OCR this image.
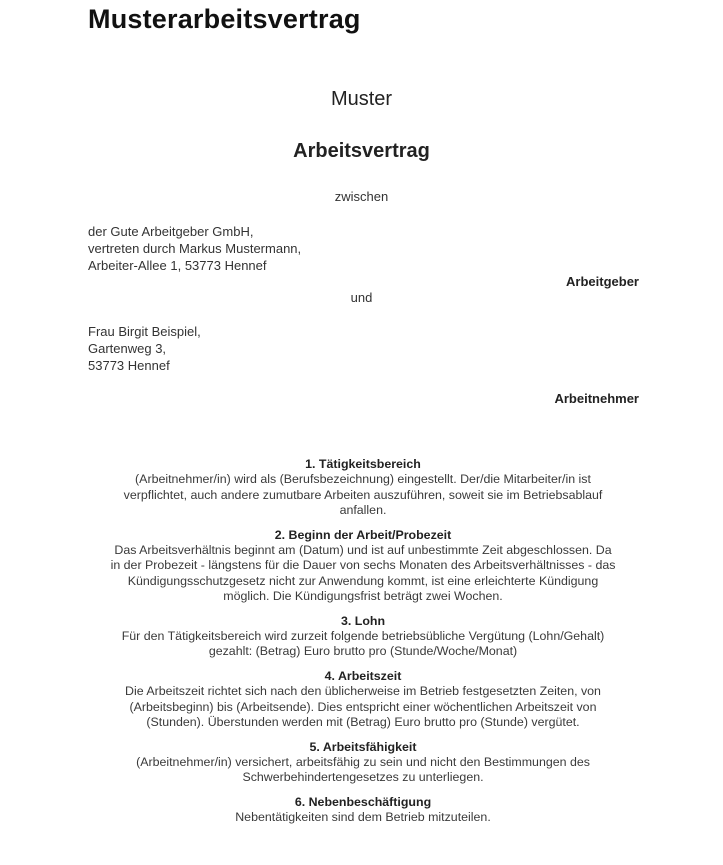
Musterarbeitsvertrag
Muster
Arbeitsvertrag
zwischen
der Gute Arbeitgeber GmbH,
vertreten durch Markus Mustermann,
Arbeiter-Allee 1, 53773 Hennef
Arbeitgeber
und
Frau Birgit Beispiel,
Gartenweg 3,
53773 Hennef
Arbeitnehmer
1. Tätigkeitsbereich
(Arbeitnehmer/in) wird als (Berufsbezeichnung) eingestellt. Der/die Mitarbeiter/in ist
verpflichtet, auch andere zumutbare Arbeiten auszuführen, soweit sie im Betriebsablauf
anfallen.
2. Beginn der Arbeit/Probezeit
Das Arbeitsverhältnis beginnt am (Datum) und ist auf unbestimmte Zeit abgeschlossen. Da
in der Probezeit - längstens für die Dauer von sechs Monaten des Arbeitsverhältnisses - das
Kündigungsschutzgesetz nicht zur Anwendung kommt, ist eine erleichterte Kündigung
möglich. Die Kündigungsfrist beträgt zwei Wochen.
3. Lohn
Für den Tätigkeitsbereich wird zurzeit folgende betriebsübliche Vergütung (Lohn/Gehalt)
gezahlt: (Betrag) Euro brutto pro (Stunde/Woche/Monat)
4. Arbeitszeit
Die Arbeitszeit richtet sich nach den üblicherweise im Betrieb festgesetzten Zeiten, von
(Arbeitsbeginn) bis (Arbeitsende). Dies entspricht einer wöchentlichen Arbeitszeit von
(Stunden). Überstunden werden mit (Betrag) Euro brutto pro (Stunde) vergütet.
5. Arbeitsfähigkeit
(Arbeitnehmer/in) versichert, arbeitsfähig zu sein und nicht den Bestimmungen des
Schwerbehindertengesetzes zu unterliegen.
6. Nebenbeschäftigung
Nebentätigkeiten sind dem Betrieb mitzuteilen.
